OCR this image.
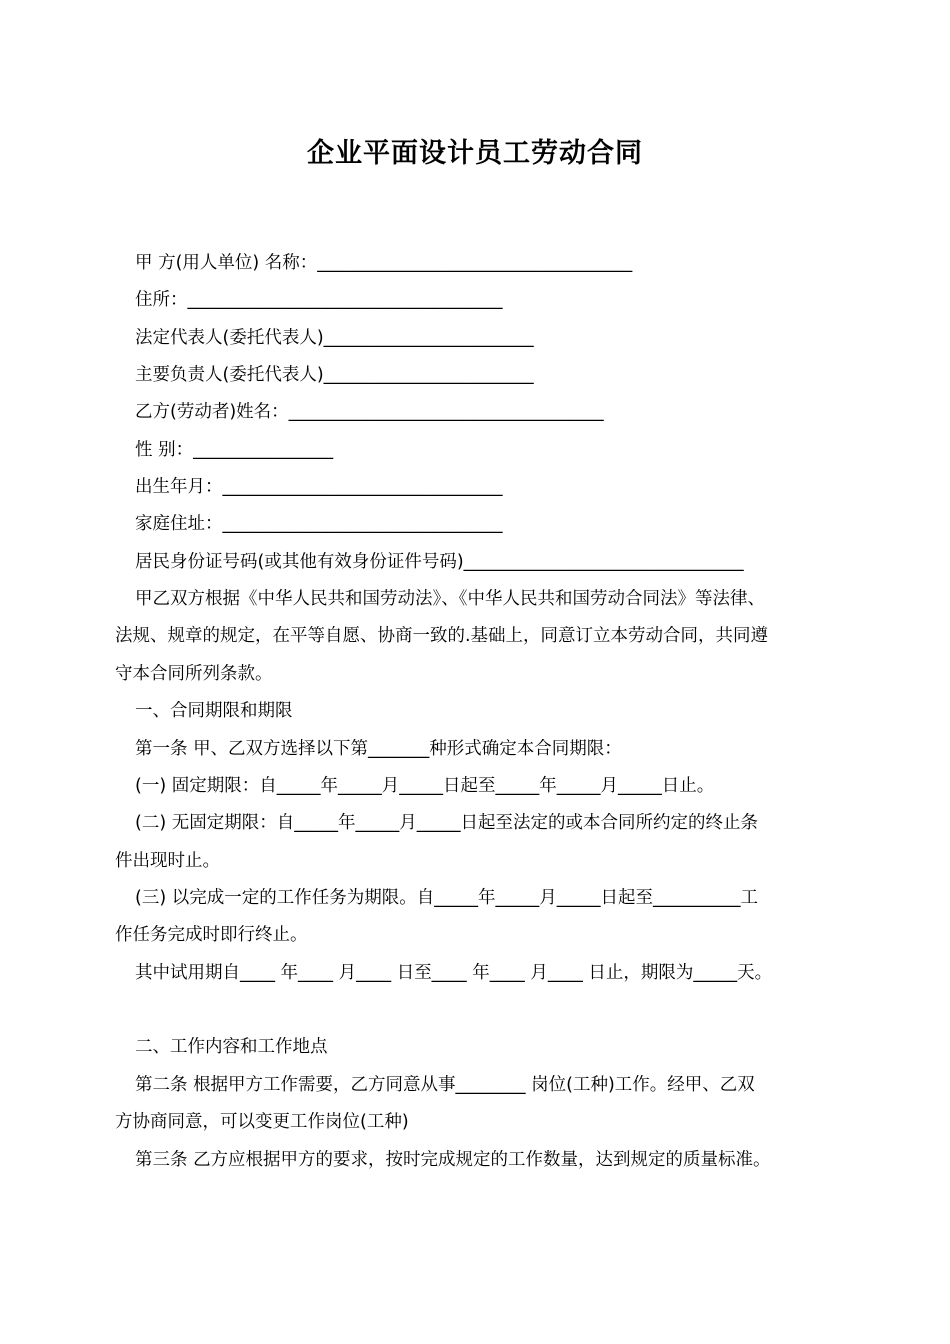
企业平面设计员工劳动合同
甲 方(用人单位) 名称：____________________________________
住所：____________________________________
法定代表人(委托代表人)________________________
主要负责人(委托代表人)________________________
乙方(劳动者)姓名：____________________________________
性 别：________________
出生年月：________________________________
家庭住址：________________________________
居民身份证号码(或其他有效身份证件号码)________________________________
甲乙双方根据《中华人民共和国劳动法》、《中华人民共和国劳动合同法》等法律、
法规、规章的规定，在平等自愿、协商一致的.基础上，同意订立本劳动合同，共同遵
守本合同所列条款。
一、合同期限和期限
第一条 甲、乙双方选择以下第_______种形式确定本合同期限：
(一) 固定期限：自_____年_____月_____日起至_____年_____月_____日止。
(二) 无固定期限：自_____年_____月_____日起至法定的或本合同所约定的终止条
件出现时止。
(三) 以完成一定的工作任务为期限。自_____年_____月_____日起至__________工
作任务完成时即行终止。
其中试用期自____ 年____ 月____ 日至____ 年____ 月____ 日止，期限为_____天。
二、工作内容和工作地点
第二条 根据甲方工作需要，乙方同意从事________ 岗位(工种)工作。经甲、乙双
方协商同意，可以变更工作岗位(工种)
第三条 乙方应根据甲方的要求，按时完成规定的工作数量，达到规定的质量标准。
